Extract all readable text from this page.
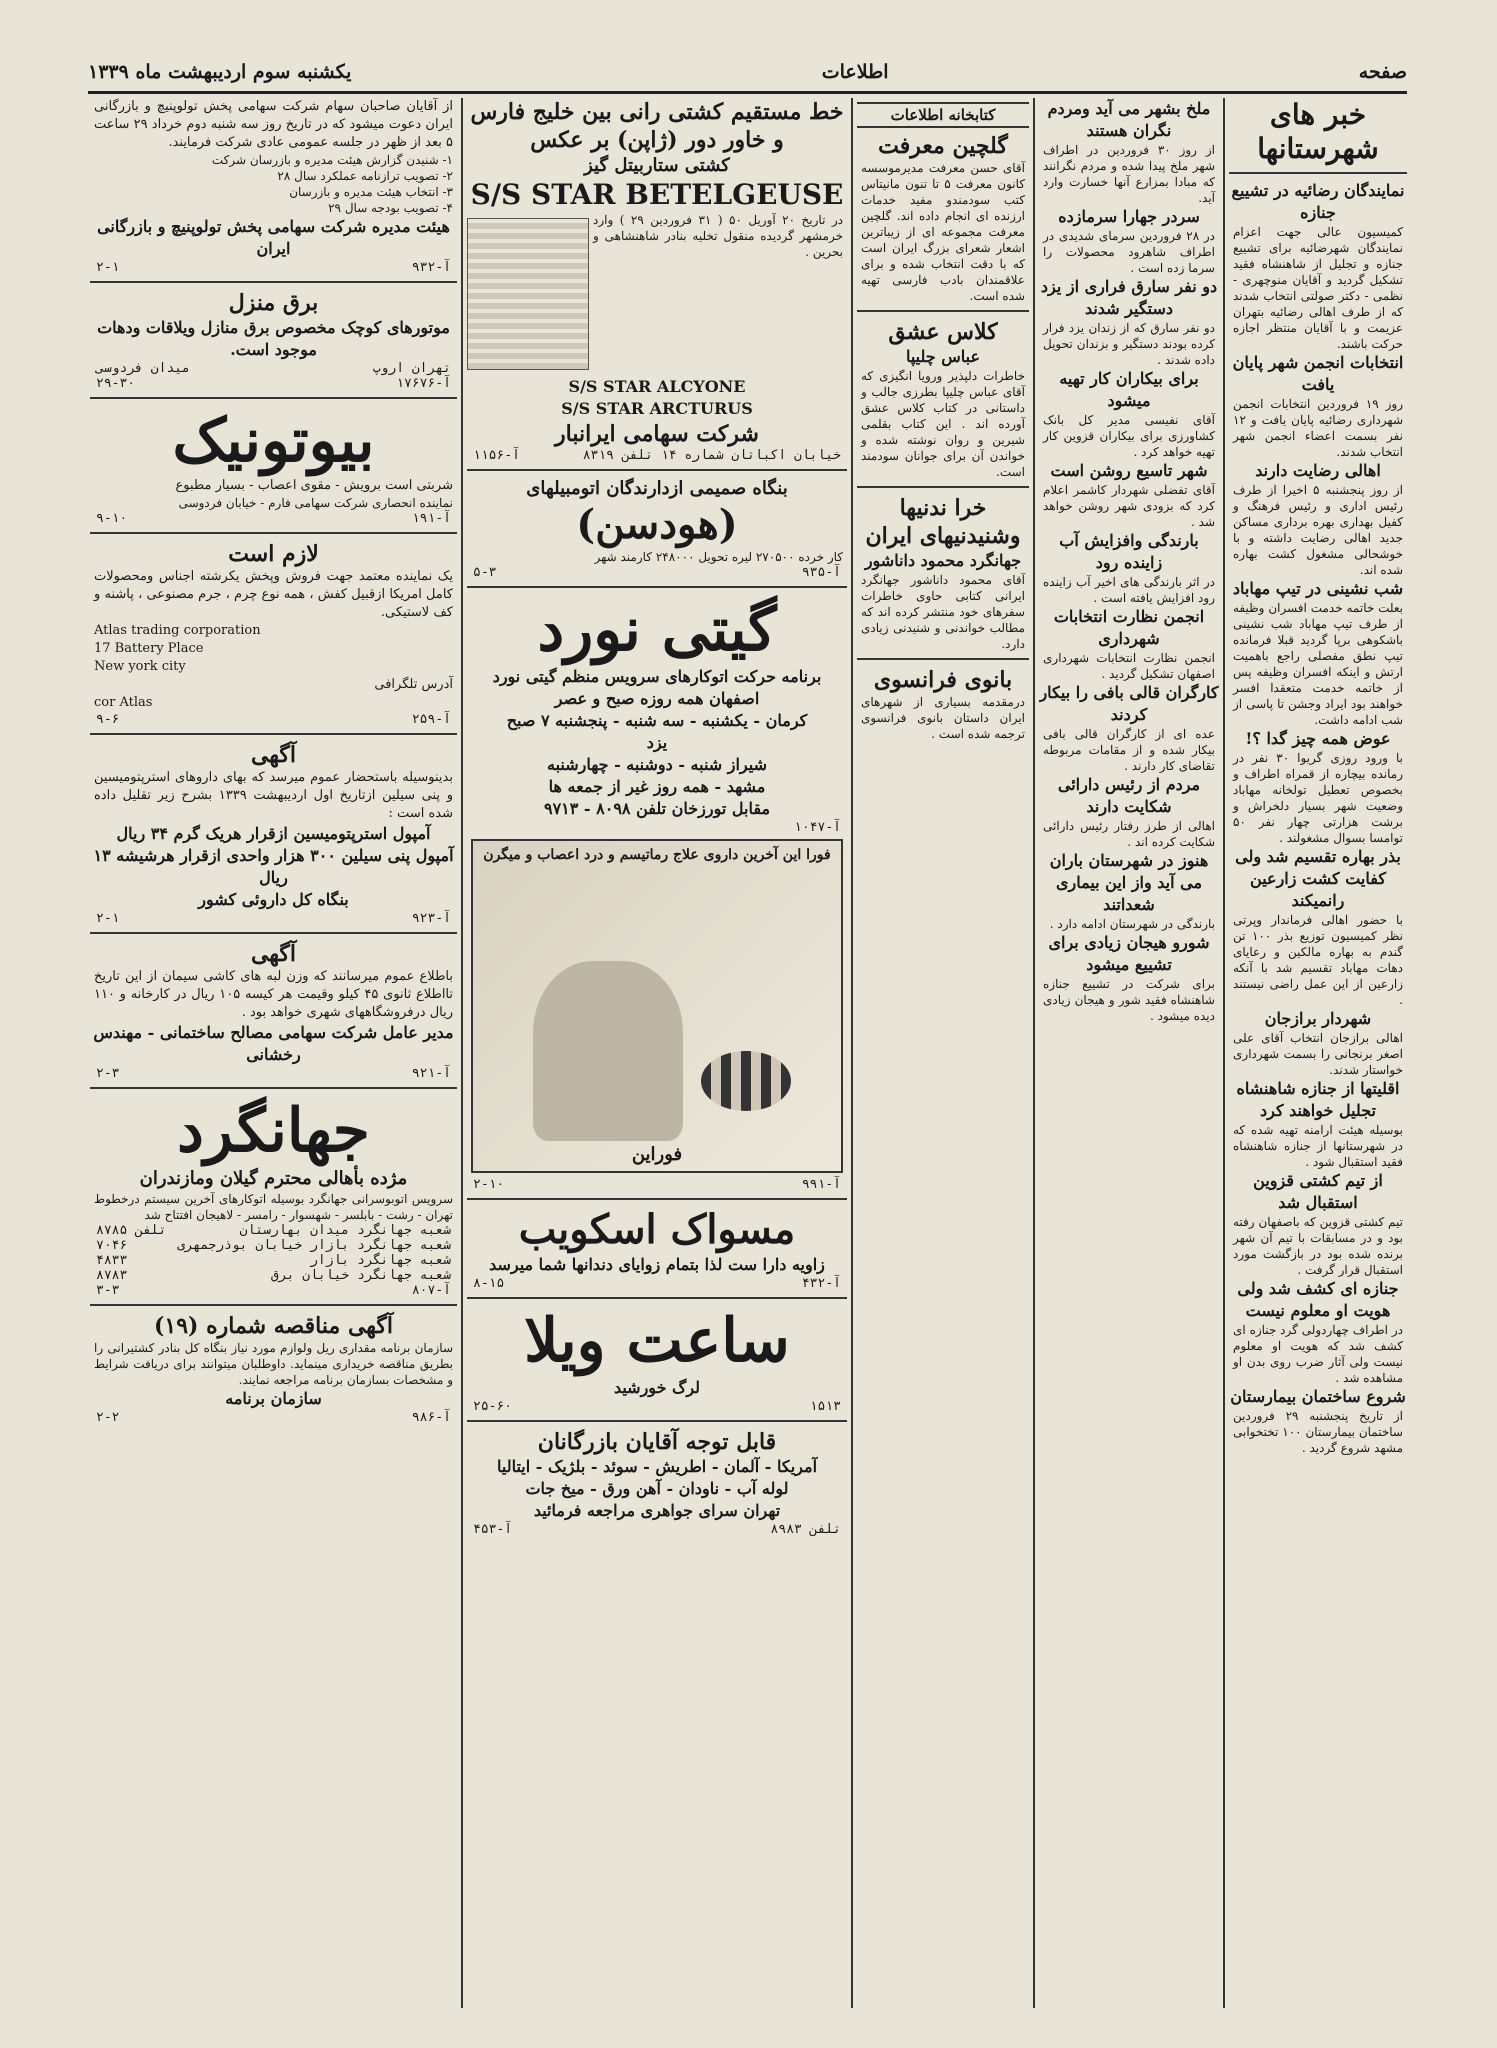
صفحه
اطلاعات
یکشنبه سوم اردیبهشت ماه ۱۳۳۹
خبر های شهرستانها
نمایندگان رضائیه در تشییع جنازه

کمیسیون عالی جهت اعزام نمایندگان شهرضائیه برای تشییع جنازه و تجلیل از شاهنشاه فقید تشکیل گردید و آقایان منوچهری - نظمی - دکتر صولتی انتخاب شدند که از طرف اهالی رضائیه بتهران عزیمت و با آقایان منتظر اجازه حرکت باشند.

انتخابات انجمن شهر پایان یافت

روز ۱۹ فروردین انتخابات انجمن شهرداری رضائیه پایان یافت و ۱۲ نفر بسمت اعضاء انجمن شهر انتخاب شدند.

اهالی رضایت دارند

از روز پنجشنبه ۵ اخیرا از طرف رئیس اداری و رئیس فرهنگ و کفیل بهداری بهره برداری مساکن جدید اهالی رضایت داشته و با خوشحالی مشغول کشت بهاره شده اند.

شب نشینی در تیپ مهاباد

بعلت خاتمه خدمت افسران وظیفه از طرف تیپ مهاباد شب نشینی باشکوهی برپا گردید قبلا فرمانده تیپ نطق مفصلی راجع باهمیت ارتش و اینکه افسران وظیفه پس از خاتمه خدمت متعقدا افسر خواهند بود ایراد وجشن تا پاسی از شب ادامه داشت.

عوض همه چیز گدا ؟!

با ورود روزی گریوا ۳۰ نفر در رمانده بیچاره از قمراه اطراف و بخصوص تعطیل تولخانه مهاباد وضعیت شهر بسیار دلخراش و برشت هزارتی چهار نفر ۵۰ توامسا بسوال مشغولند .

بذر بهاره تقسیم شد ولی کفایت کشت زارعین رانمیکند

با حضور اهالی فرماندار وپرتی نظر کمیسیون توزیع بذر ۱۰۰ تن گندم به بهاره مالکین و رعایای دهات مهاباد تقسیم شد با آنکه زارعین از این عمل راضی نیستند .

شهردار برازجان

اهالی برازجان انتخاب آقای علی اصغر برنجانی را بسمت شهرداری خواستار شدند.

اقلیتها از جنازه شاهنشاه تجلیل خواهند کرد

بوسیله هیئت ارامنه تهیه شده که در شهرستانها از جنازه شاهنشاه فقید استقبال شود .

از تیم کشتی قزوین استقبال شد

تیم کشتی قزوین که باصفهان رفته بود و در مسابقات با تیم آن شهر برنده شده بود در بازگشت مورد استقبال قرار گرفت .

جنازه ای کشف شد ولی هویت او معلوم نیست

در اطراف چهاردولی گرد جنازه ای کشف شد که هویت او معلوم نیست ولی آثار ضرب روی بدن او مشاهده شد .

شروع ساختمان بیمارستان

از تاریخ پنجشنبه ۲۹ فروردین ساختمان بیمارستان ۱۰۰ تختخوابی مشهد شروع گردید .

ملخ بشهر می آید ومردم نگران هستند

از روز ۳۰ فروردین در اطراف شهر ملخ پیدا شده و مردم نگرانند که مبادا بمزارع آنها خسارت وارد آید.

سردر جهارا سرمازده

در ۲۸ فروردین سرمای شدیدی در اطراف شاهرود محصولات را سرما زده است .

دو نفر سارق فراری از یزد دستگیر شدند

دو نفر سارق که از زندان یزد فرار کرده بودند دستگیر و بزندان تحویل داده شدند .

برای بیکاران کار تهیه میشود

آقای نفیسی مدیر کل بانک کشاورزی برای بیکاران قزوین کار تهیه خواهد کرد .

شهر تاسیع روشن است

آقای تفضلی شهردار کاشمر اعلام کرد که بزودی شهر روشن خواهد شد .

بارندگی وافزایش آب زاینده رود

در اثر بارندگی های اخیر آب زاینده رود افزایش یافته است .

انجمن نظارت انتخابات شهرداری

انجمن نظارت انتخابات شهرداری اصفهان تشکیل گردید .

کارگران قالی بافی را بیکار کردند

عده ای از کارگران قالی بافی بیکار شده و از مقامات مربوطه تقاضای کار دارند .

مردم از رئیس دارائی شکایت دارند

اهالی از طرز رفتار رئیس دارائی شکایت کرده اند .

هنوز در شهرستان باران می آید واز این بیماری شعداتند

بارندگی در شهرستان ادامه دارد .

شورو هیجان زیادی برای تشییع میشود

برای شرکت در تشییع جنازه شاهنشاه فقید شور و هیجان زیادی دیده میشود .

کتابخانه اطلاعات
گلچین معرفت

آقای حسن معرفت مدیرموسسه کانون معرفت ۵ تا تنون مانیتاس کتب سودمندو مفید خدمات ارزنده ای انجام داده اند. گلچین معرفت مجموعه ای از زیباترین اشعار شعرای بزرگ ایران است که با دقت انتخاب شده و برای علاقمندان بادب فارسی تهیه شده است.

کلاس عشق
عباس چلیپا

خاطرات دلپذیر ورویا انگیزی که آقای عباس چلیپا بطرزی جالب و داستانی در کتاب کلاس عشق آورده اند . این کتاب بقلمی شیرین و روان نوشته شده و خواندن آن برای جوانان سودمند است.

خرا ندنیها وشنیدنیهای ایران
جهانگرد محمود داناشور

آقای محمود داناشور جهانگرد ایرانی کتابی حاوی خاطرات سفرهای خود منتشر کرده اند که مطالب خواندنی و شنیدنی زیادی دارد.

بانوی فرانسوی

درمقدمه بسیاری از شهرهای ایران داستان بانوی فرانسوی ترجمه شده است .

خط مستقیم کشتی رانی بین خلیج فارس و خاور دور (ژاپن) بر عکس
کشتی ستاربیتل گیز
S/S STAR BETELGEUSE

در تاریخ ۲۰ آوریل ۵۰ ( ۳۱ فروردین ۲۹ ) وارد خرمشهر گردیده منقول تخلیه بنادر شاهنشاهی و بحرین .

S/S STAR ALCYONE
S/S STAR ARCTURUS
شرکت سهامی ایرانبار
خیابان اکباتان شماره ۱۴ تلفن ۸۳۱۹
آ-۱۱۵۶
بنگاه صمیمی ازدارندگان اتومبیلهای
(هودسن)

کار خرده ۲۷۰۵۰۰ لیره تحویل ۲۴۸۰۰۰ کارمند شهر

آ-۹۳۵
۵-۳
گیتی نورد
برنامه حرکت اتوکارهای سرویس منظم گیتی نورد
اصفهان همه روزه صبح و عصر
کرمان - یکشنبه - سه شنبه - پنجشنبه ۷ صبح
یزد
شیراز شنبه - دوشنبه - چهارشنبه
مشهد - همه روز غیر از جمعه ها
مقابل تورزخان تلفن ۸۰۹۸ - ۹۷۱۳
آ-۱۰۴۷
فورا این آخرین داروی علاج رماتیسم و درد اعصاب و میگرن
فوراین
آ-۹۹۱
۲-۱۰
مسواک اسکویب
زاویه دارا ست لذا بتمام زوایای دندانها شما میرسد
آ-۴۳۲
۸-۱۵
ساعت ویلا
لرگ خورشید
۱۵۱۳
۲۵-۶۰
قابل توجه آقایان بازرگانان
آمریکا - آلمان - اطریش - سوئد - بلژیک - ایتالیا
لوله آب - ناودان - آهن ورق - میخ جات
تهران سرای جواهری مراجعه فرمائید
تلفن ۸۹۸۳
آ-۴۵۳

از آقایان صاحبان سهام شرکت سهامی پخش تولوپنیچ و بازرگانی ایران دعوت میشود که در تاریخ روز سه شنبه دوم خرداد ۲۹ ساعت ۵ بعد از ظهر در جلسه عمومی عادی شرکت فرمایند.

۱- شنیدن گزارش هیئت مدیره و بازرسان شرکت

۲- تصویب ترازنامه عملکرد سال ۲۸

۳- انتخاب هیئت مدیره و بازرسان

۴- تصویب بودجه سال ۲۹

هیئت مدیره شرکت سهامی پخش تولوپنیچ و بازرگانی ایران
آ-۹۳۲
۲-۱
برق منزل
موتورهای کوچک مخصوص برق منازل ویلاقات ودهات موجود است.
تهران اروپ
میدان فردوسی
آ-۱۷۶۷۶
۲۹-۳۰
بیوتونیک

شربتی است برویش - مقوی اعصاب - بسیار مطبوع

نماینده انحصاری شرکت سهامی فارم - خیابان فردوسی

آ-۱۹۱
۹-۱۰
لازم است

یک نماینده معتمد جهت فروش وپخش یکرشته اجناس ومحصولات کامل امریکا ازقبیل کفش ، همه نوع چرم ، جرم مصنوعی ، پاشنه و کف لاستیکی.

Atlas trading corporation
17 Battery Place
New york city
آدرس تلگرافی
cor Atlas
آ-۲۵۹
۹-۶
آگهی

بدینوسیله باستحضار عموم میرسد که بهای داروهای استرپتومیسین و پنی سیلین ازتاریخ اول اردیبهشت ۱۳۳۹ بشرح زیر تقلیل داده شده است :

آمپول استرپتومیسین ازقرار هریک گرم ۳۴ ریال
آمپول پنی سیلین ۳۰۰ هزار واحدی ازقرار هرشیشه ۱۳ ریال
بنگاه کل داروئی کشور
آ-۹۲۳
۲-۱
آگهی

باطلاع عموم میرسانند که وزن لبه های کاشی سیمان از این تاریخ تااطلاع ثانوی ۴۵ کیلو وقیمت هر کیسه ۱۰۵ ریال در کارخانه و ۱۱۰ ریال درفروشگاههای شهری خواهد بود .

مدیر عامل شرکت سهامی مصالح ساختمانی - مهندس رخشانی
آ-۹۲۱
۲-۳
جهانگرد
مژده بأهالی محترم گیلان ومازندران

سرویس اتوبوسرانی جهانگرد بوسیله اتوکارهای آخرین سیستم درخطوط تهران - رشت - بابلسر - شهسوار - رامسر - لاهیجان افتتاح شد

شعبه جهانگرد میدان بهارستان
تلفن ۸۷۸۵
شعبه جهانگرد بازار خیابان بوذرجمهری
۷۰۴۶
شعبه جهانگرد بازار
۴۸۳۳
شعبه جهانگرد خیابان برق
۸۷۸۳
آ-۸۰۷
۳-۳
آگهی مناقصه شماره (۱۹)

سازمان برنامه مقداری ریل ولوازم مورد نیاز بنگاه کل بنادر کشتیرانی را بطریق مناقصه خریداری مینماید. داوطلبان میتوانند برای دریافت شرایط و مشخصات بسازمان برنامه مراجعه نمایند.

سازمان برنامه
آ-۹۸۶
۲-۲
